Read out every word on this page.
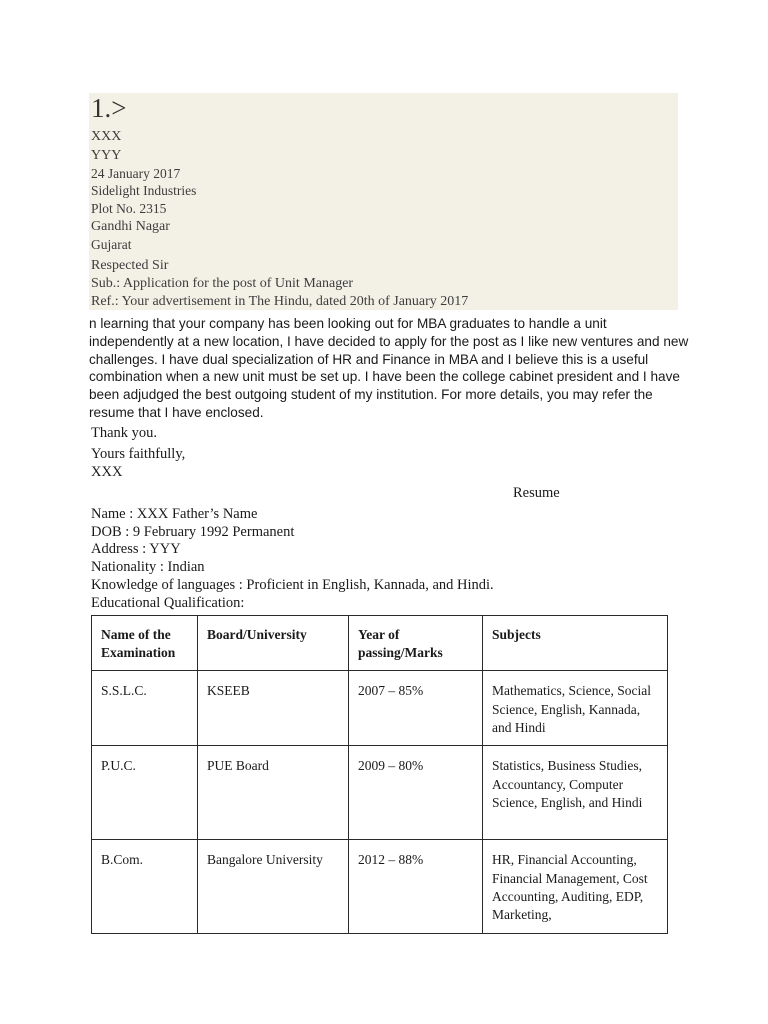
1.>
XXX
YYY
24 January 2017
Sidelight Industries
Plot No. 2315
Gandhi Nagar
Gujarat
Respected Sir
Sub.: Application for the post of Unit Manager
Ref.: Your advertisement in The Hindu, dated 20th of January 2017

n learning that your company has been looking out for MBA graduates to handle a unit independently at a new location, I have decided to apply for the post as I like new ventures and new challenges. I have dual specialization of HR and Finance in MBA and I believe this is a useful combination when a new unit must be set up. I have been the college cabinet president and I have been adjudged the best outgoing student of my institution. For more details, you may refer the resume that I have enclosed.

Thank you.
Yours faithfully,
XXX
Resume
Name : XXX Father’s Name
DOB : 9 February 1992 Permanent
Address : YYY
Nationality : Indian
Knowledge of languages : Proficient in English, Kannada, and Hindi.
Educational Qualification:
Name of the Examination	Board/University	Year of passing/Marks	Subjects
S.S.L.C.	KSEEB	2007 – 85%	Mathematics, Science, Social Science, English, Kannada, and Hindi
P.U.C.	PUE Board	2009 – 80%	Statistics, Business Studies, Accountancy, Computer Science, English, and Hindi
B.Com.	Bangalore University	2012 – 88%	HR, Financial Accounting, Financial Management, Cost Accounting, Auditing, EDP, Marketing,
